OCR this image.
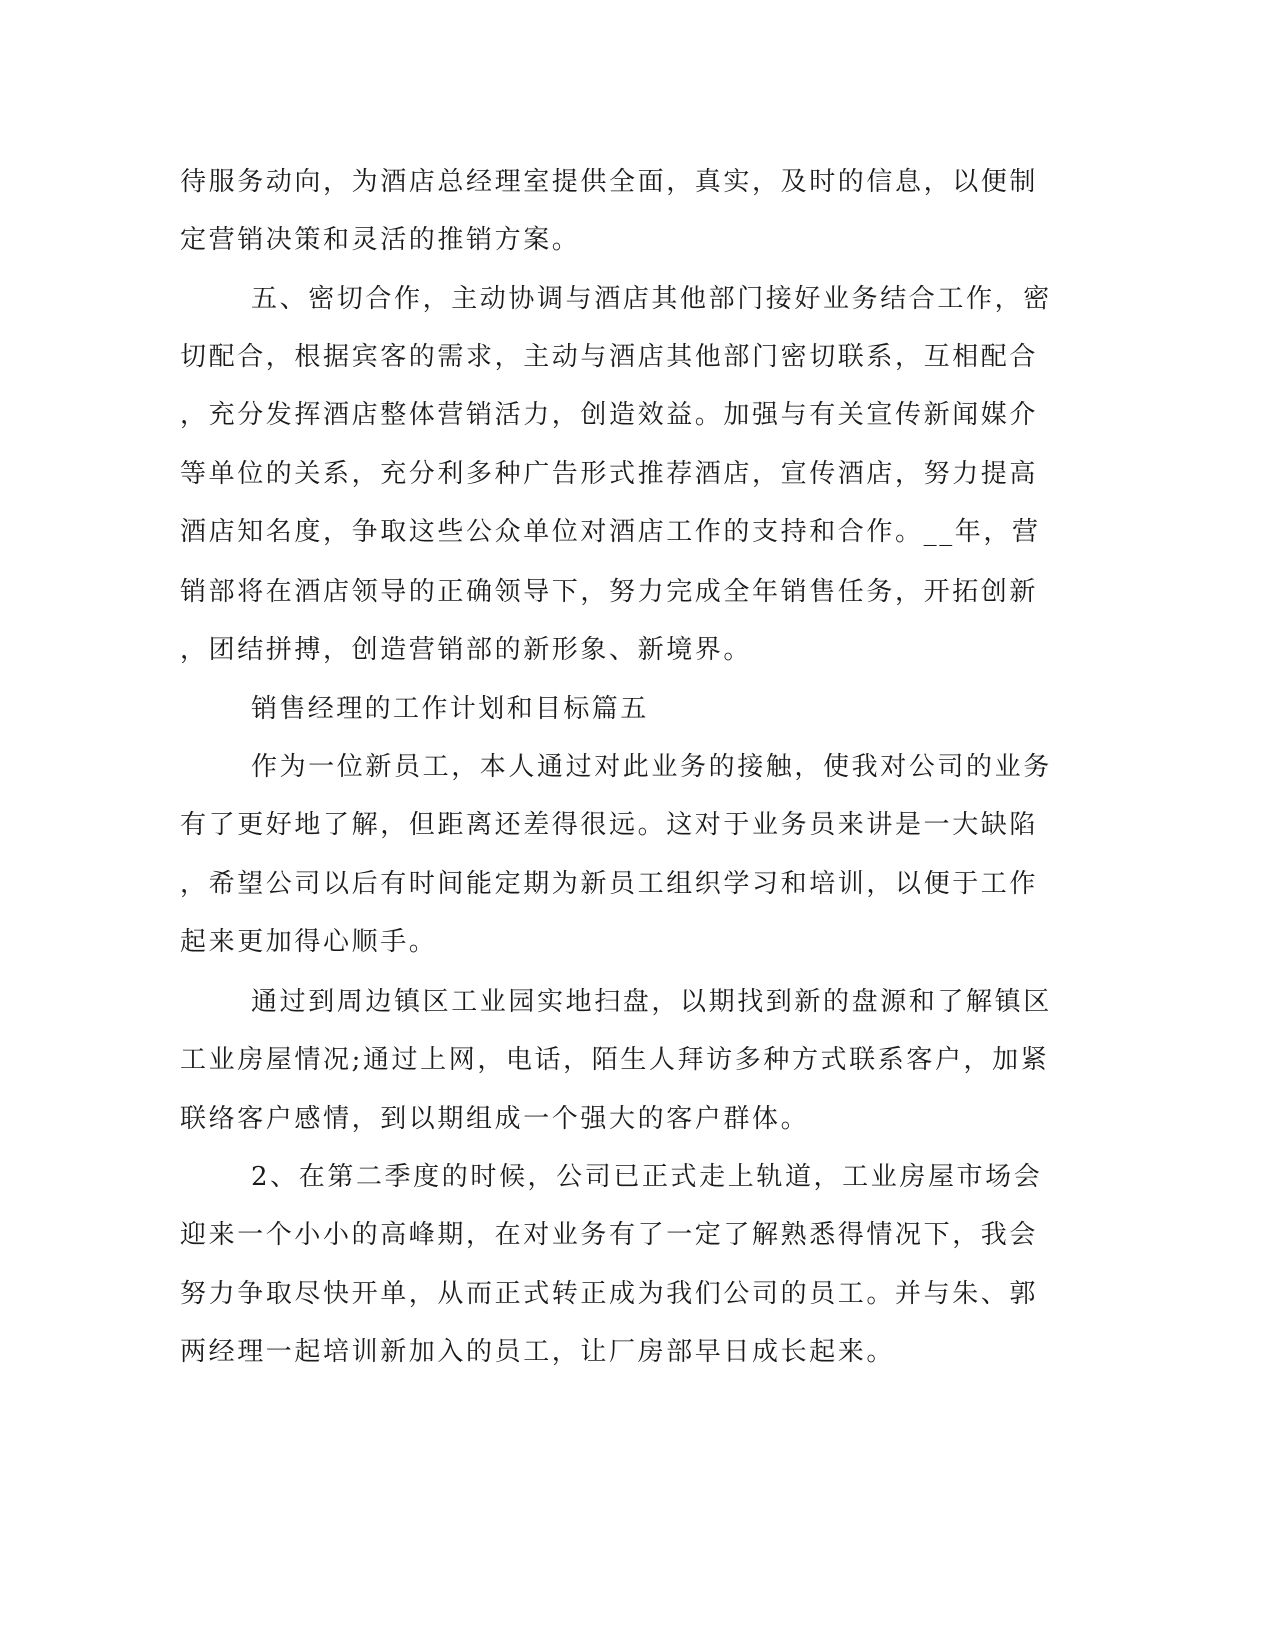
待服务动向，为酒店总经理室提供全面，真实，及时的信息，以便制
定营销决策和灵活的推销方案。
五、密切合作，主动协调与酒店其他部门接好业务结合工作，密
切配合，根据宾客的需求，主动与酒店其他部门密切联系，互相配合
，充分发挥酒店整体营销活力，创造效益。加强与有关宣传新闻媒介
等单位的关系，充分利多种广告形式推荐酒店，宣传酒店，努力提高
酒店知名度，争取这些公众单位对酒店工作的支持和合作。__年，营
销部将在酒店领导的正确领导下，努力完成全年销售任务，开拓创新
，团结拼搏，创造营销部的新形象、新境界。
销售经理的工作计划和目标篇五
作为一位新员工，本人通过对此业务的接触，使我对公司的业务
有了更好地了解，但距离还差得很远。这对于业务员来讲是一大缺陷
，希望公司以后有时间能定期为新员工组织学习和培训，以便于工作
起来更加得心顺手。
通过到周边镇区工业园实地扫盘，以期找到新的盘源和了解镇区
工业房屋情况;通过上网，电话，陌生人拜访多种方式联系客户，加紧
联络客户感情，到以期组成一个强大的客户群体。
2、在第二季度的时候，公司已正式走上轨道，工业房屋市场会
迎来一个小小的高峰期，在对业务有了一定了解熟悉得情况下，我会
努力争取尽快开单，从而正式转正成为我们公司的员工。并与朱、郭
两经理一起培训新加入的员工，让厂房部早日成长起来。
